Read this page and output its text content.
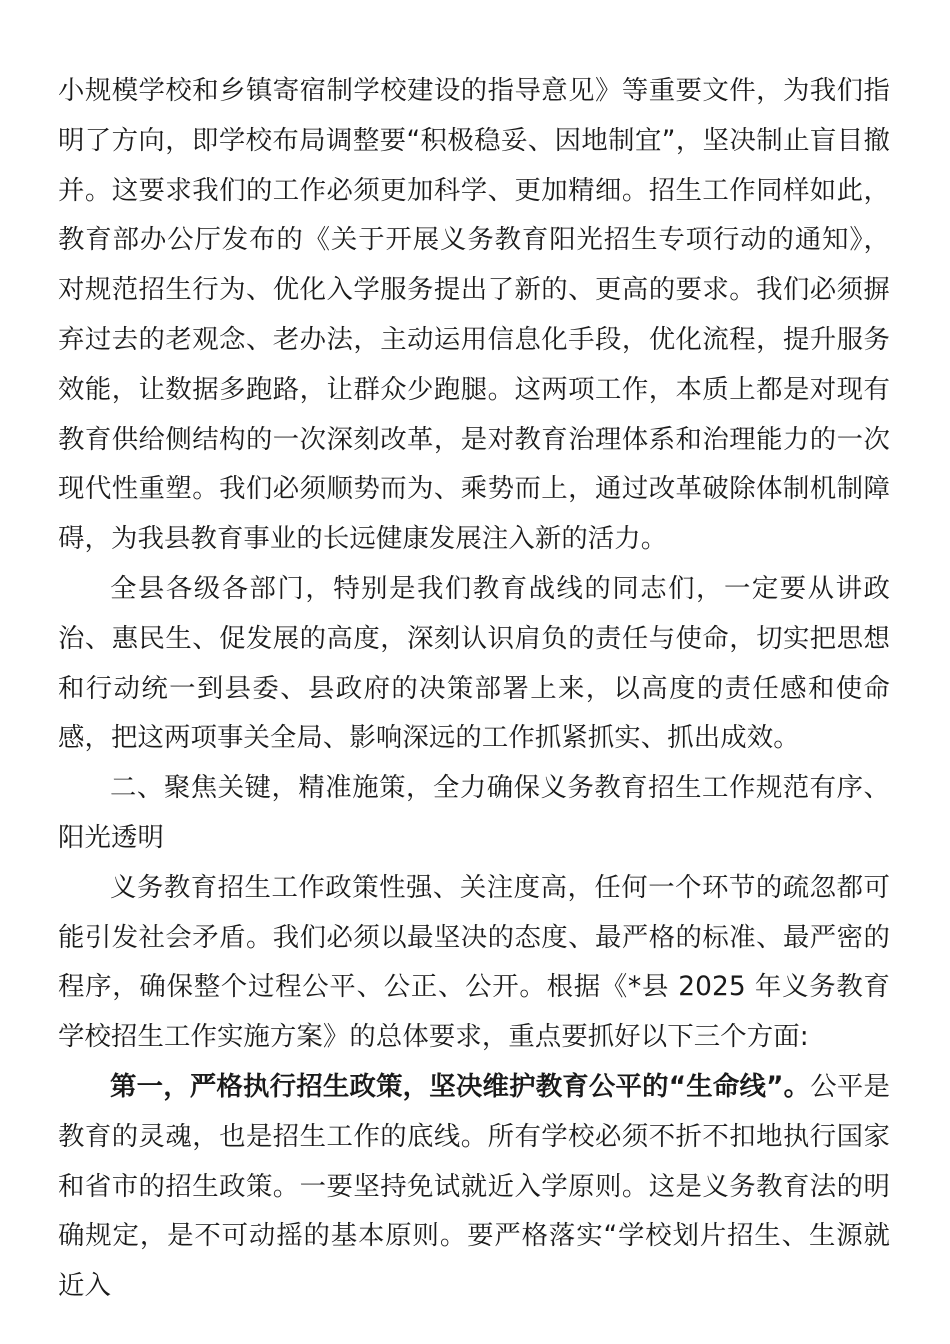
小规模学校和乡镇寄宿制学校建设的指导意见》等重要文件，为我们指明了方向，即学校布局调整要“积极稳妥、因地制宜”，坚决制止盲目撤并。这要求我们的工作必须更加科学、更加精细。招生工作同样如此，教育部办公厅发布的《关于开展义务教育阳光招生专项行动的通知》，对规范招生行为、优化入学服务提出了新的、更高的要求。我们必须摒弃过去的老观念、老办法，主动运用信息化手段，优化流程，提升服务效能，让数据多跑路，让群众少跑腿。这两项工作，本质上都是对现有教育供给侧结构的一次深刻改革，是对教育治理体系和治理能力的一次现代性重塑。我们必须顺势而为、乘势而上，通过改革破除体制机制障碍，为我县教育事业的长远健康发展注入新的活力。

全县各级各部门，特别是我们教育战线的同志们，一定要从讲政治、惠民生、促发展的高度，深刻认识肩负的责任与使命，切实把思想和行动统一到县委、县政府的决策部署上来，以高度的责任感和使命感，把这两项事关全局、影响深远的工作抓紧抓实、抓出成效。

二、聚焦关键，精准施策，全力确保义务教育招生工作规范有序、阳光透明

义务教育招生工作政策性强、关注度高，任何一个环节的疏忽都可能引发社会矛盾。我们必须以最坚决的态度、最严格的标准、最严密的程序，确保整个过程公平、公正、公开。根据《*县 2025 年义务教育学校招生工作实施方案》的总体要求，重点要抓好以下三个方面:

第一，严格执行招生政策，坚决维护教育公平的“生命线”。公平是教育的灵魂，也是招生工作的底线。所有学校必须不折不扣地执行国家和省市的招生政策。一要坚持免试就近入学原则。这是义务教育法的明确规定，是不可动摇的基本原则。要严格落实“学校划片招生、生源就近入
